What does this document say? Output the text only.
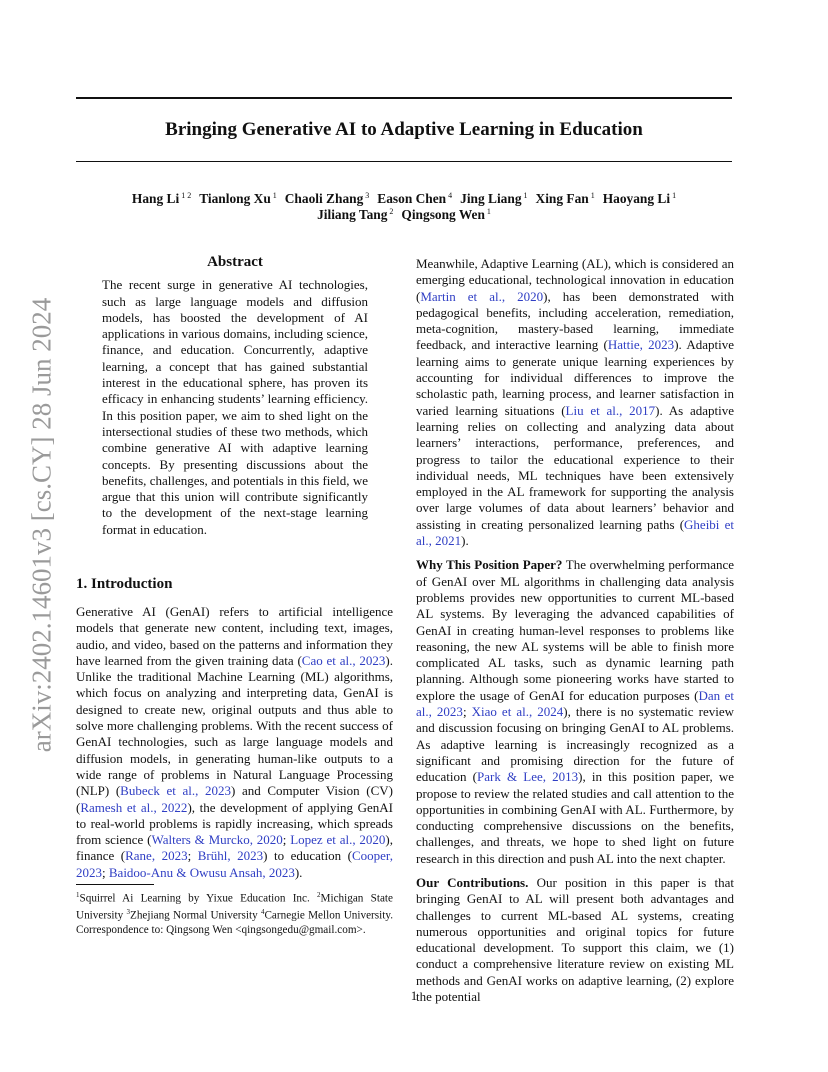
arXiv:2402.14601v3 [cs.CY] 28 Jun 2024
Bringing Generative AI to Adaptive Learning in Education
Hang Li $^{1 2}$ Tianlong Xu $^1$ Chaoli Zhang $^3$ Eason Chen $^4$ Jing Liang $^1$ Xing Fan $^1$ Haoyang Li $^1$
Jiliang Tang $^2$ Qingsong Wen $^1$

Abstract

The recent surge in generative AI technologies, such as large language models and diffusion models, has boosted the development of AI applications in various domains, including science, finance, and education. Concurrently, adaptive learning, a concept that has gained substantial interest in the educational sphere, has proven its efficacy in enhancing students’ learning efficiency. In this position paper, we aim to shed light on the intersectional studies of these two methods, which combine generative AI with adaptive learning concepts. By presenting discussions about the benefits, challenges, and potentials in this field, we argue that this union will contribute significantly to the development of the next-stage learning format in education.

1. Introduction

Generative AI (GenAI) refers to artificial intelligence models that generate new content, including text, images, audio, and video, based on the patterns and information they have learned from the given training data (Cao et al., 2023). Unlike the traditional Machine Learning (ML) algorithms, which focus on analyzing and interpreting data, GenAI is designed to create new, original outputs and thus able to solve more challenging problems. With the recent success of GenAI technologies, such as large language models and diffusion models, in generating human-like outputs to a wide range of problems in Natural Language Processing (NLP) (Bubeck et al., 2023) and Computer Vision (CV) (Ramesh et al., 2022), the development of applying GenAI to real-world problems is rapidly increasing, which spreads from science (Walters & Murcko, 2020; Lopez et al., 2020), finance (Rane, 2023; Brühl, 2023) to education (Cooper, 2023; Baidoo-Anu & Owusu Ansah, 2023).

$^1$Squirrel Ai Learning by Yixue Education Inc. $^2$Michigan State University $^3$Zhejiang Normal University $^4$Carnegie Mellon University. Correspondence to: Qingsong Wen <qingsongedu@gmail.com>.

Meanwhile, Adaptive Learning (AL), which is considered an emerging educational, technological innovation in education (Martin et al., 2020), has been demonstrated with pedagogical benefits, including acceleration, remediation, meta-cognition, mastery-based learning, immediate feedback, and interactive learning (Hattie, 2023). Adaptive learning aims to generate unique learning experiences by accounting for individual differences to improve the scholastic path, learning process, and learner satisfaction in varied learning situations (Liu et al., 2017). As adaptive learning relies on collecting and analyzing data about learners’ interactions, performance, preferences, and progress to tailor the educational experience to their individual needs, ML techniques have been extensively employed in the AL framework for supporting the analysis over large volumes of data about learners’ behavior and assisting in creating personalized learning paths (Gheibi et al., 2021).

Why This Position Paper? The overwhelming performance of GenAI over ML algorithms in challenging data analysis problems provides new opportunities to current ML-based AL systems. By leveraging the advanced capabilities of GenAI in creating human-level responses to problems like reasoning, the new AL systems will be able to finish more complicated AL tasks, such as dynamic learning path planning. Although some pioneering works have started to explore the usage of GenAI for education purposes (Dan et al., 2023; Xiao et al., 2024), there is no systematic review and discussion focusing on bringing GenAI to AL problems. As adaptive learning is increasingly recognized as a significant and promising direction for the future of education (Park & Lee, 2013), in this position paper, we propose to review the related studies and call attention to the opportunities in combining GenAI with AL. Furthermore, by conducting comprehensive discussions on the benefits, challenges, and threats, we hope to shed light on future research in this direction and push AL into the next chapter.

Our Contributions. Our position in this paper is that bringing GenAI to AL will present both advantages and challenges to current ML-based AL systems, creating numerous opportunities and original topics for future educational development. To support this claim, we (1) conduct a comprehensive literature review on existing ML methods and GenAI works on adaptive learning, (2) explore the potential

1
